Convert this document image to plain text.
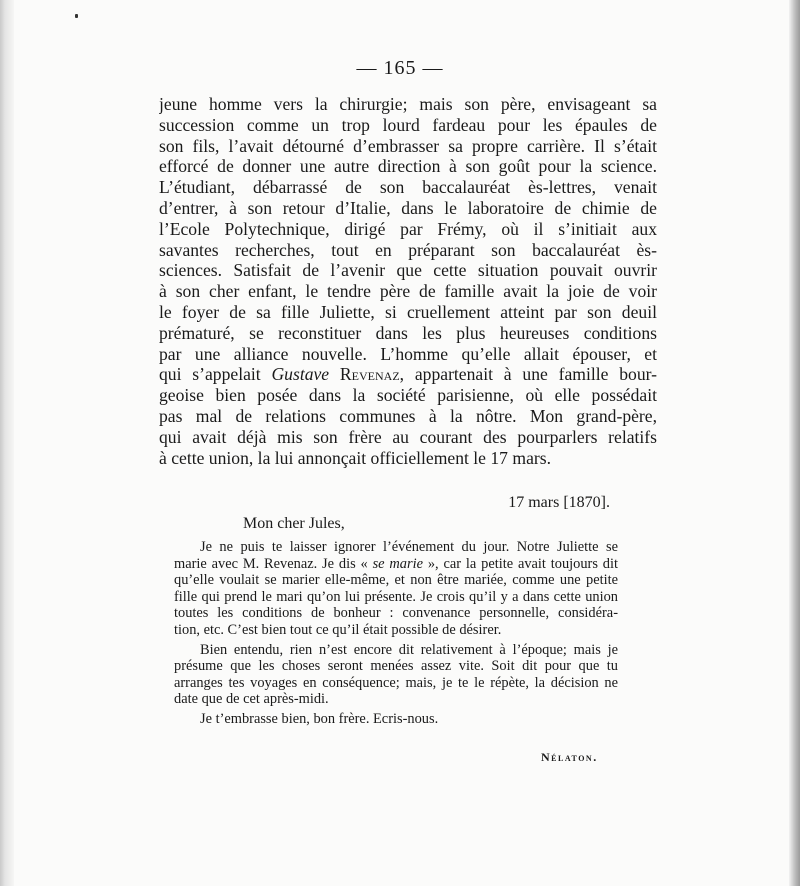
— 165 —
jeune homme vers la chirurgie; mais son père, envisageant sa
succession comme un trop lourd fardeau pour les épaules de
son fils, l’avait détourné d’embrasser sa propre carrière. Il s’était
efforcé de donner une autre direction à son goût pour la science.
L’étudiant, débarrassé de son baccalauréat ès-lettres, venait
d’entrer, à son retour d’Italie, dans le laboratoire de chimie de
l’Ecole Polytechnique, dirigé par Frémy, où il s’initiait aux
savantes recherches, tout en préparant son baccalauréat ès-
sciences. Satisfait de l’avenir que cette situation pouvait ouvrir
à son cher enfant, le tendre père de famille avait la joie de voir
le foyer de sa fille Juliette, si cruellement atteint par son deuil
prématuré, se reconstituer dans les plus heureuses conditions
par une alliance nouvelle. L’homme qu’elle allait épouser, et
qui s’appelait Gustave Revenaz, appartenait à une famille bour-
geoise bien posée dans la société parisienne, où elle possédait
pas mal de relations communes à la nôtre. Mon grand-père,
qui avait déjà mis son frère au courant des pourparlers relatifs
à cette union, la lui annonçait officiellement le 17 mars.
17 mars [1870].
Mon cher Jules,
Je ne puis te laisser ignorer l’événement du jour. Notre Juliette se
marie avec M. Revenaz. Je dis « se marie », car la petite avait toujours dit
qu’elle voulait se marier elle-même, et non être mariée, comme une petite
fille qui prend le mari qu’on lui présente. Je crois qu’il y a dans cette union
toutes les conditions de bonheur : convenance personnelle, considéra-
tion, etc. C’est bien tout ce qu’il était possible de désirer.
Bien entendu, rien n’est encore dit relativement à l’époque; mais je
présume que les choses seront menées assez vite. Soit dit pour que tu
arranges tes voyages en conséquence; mais, je te le répète, la décision ne
date que de cet après-midi.
Je t’embrasse bien, bon frère. Ecris-nous.
Nélaton.
